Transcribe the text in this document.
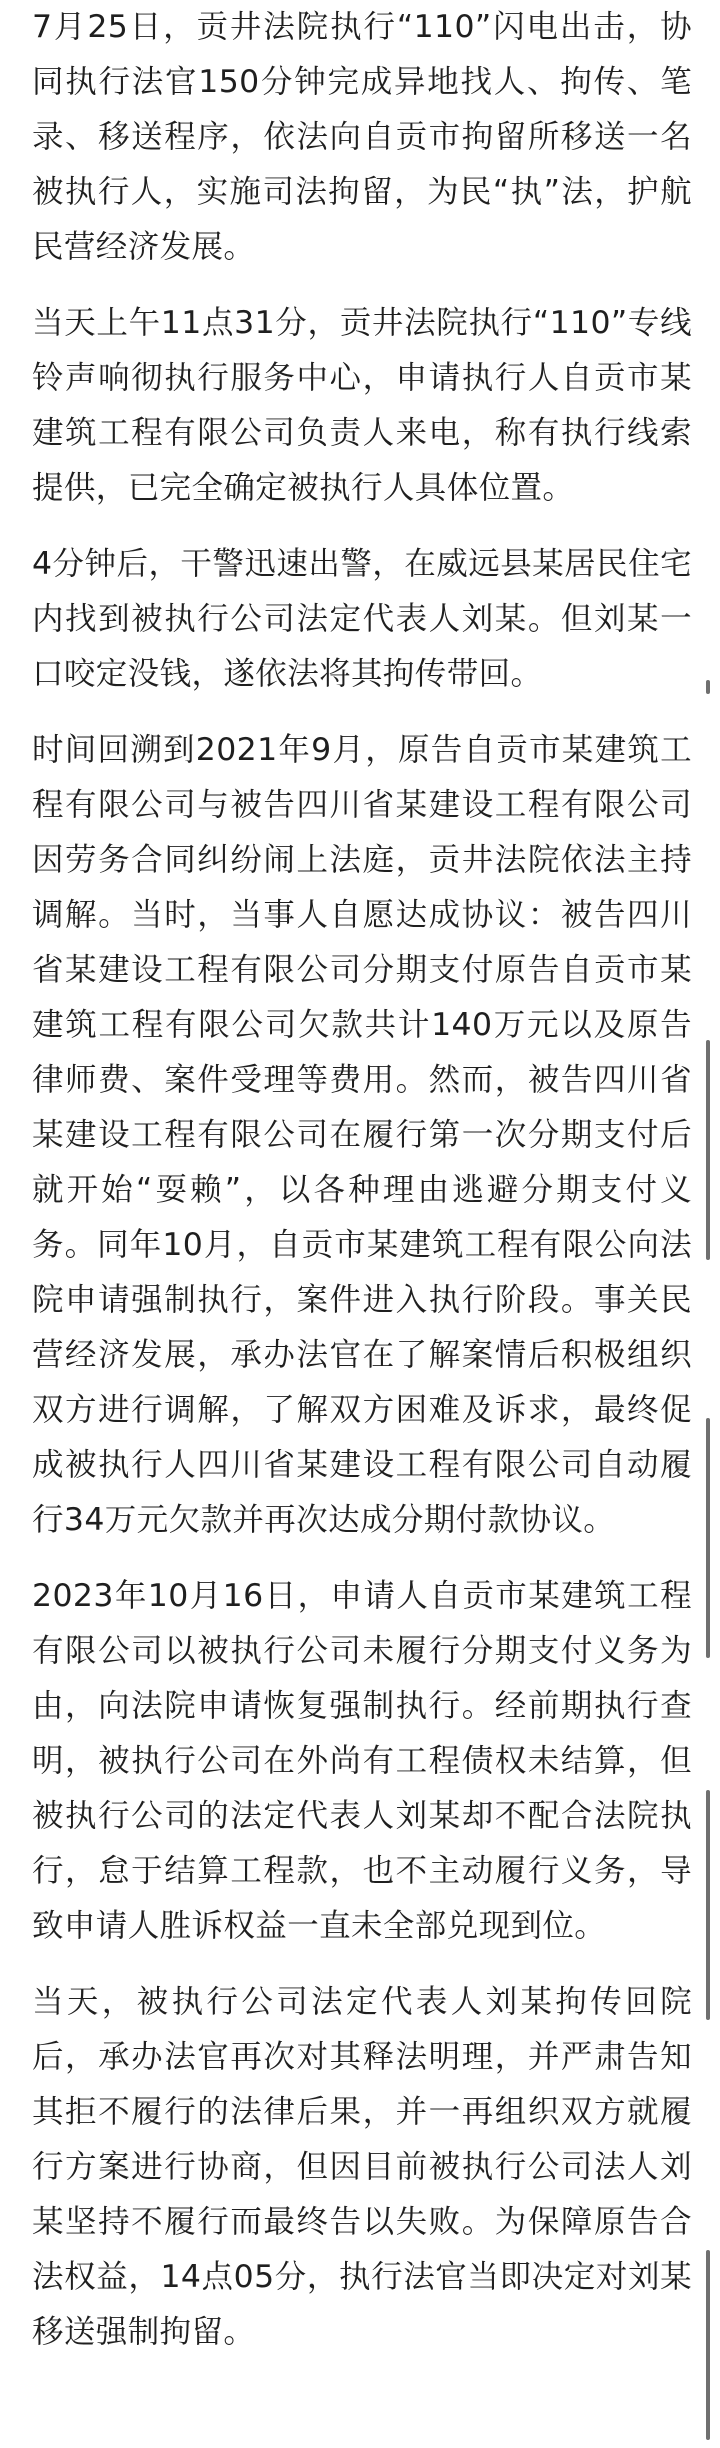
7月25日，贡井法院执行“110”闪电出击，协同执行法官150分钟完成异地找人、拘传、笔录、移送程序，依法向自贡市拘留所移送一名被执行人，实施司法拘留，为民“执”法，护航民营经济发展。

当天上午11点31分，贡井法院执行“110”专线铃声响彻执行服务中心，申请执行人自贡市某建筑工程有限公司负责人来电，称有执行线索提供，已完全确定被执行人具体位置。

4分钟后，干警迅速出警，在威远县某居民住宅内找到被执行公司法定代表人刘某。但刘某一口咬定没钱，遂依法将其拘传带回。

时间回溯到2021年9月，原告自贡市某建筑工程有限公司与被告四川省某建设工程有限公司因劳务合同纠纷闹上法庭，贡井法院依法主持调解。当时，当事人自愿达成协议：被告四川省某建设工程有限公司分期支付原告自贡市某建筑工程有限公司欠款共计140万元以及原告律师费、案件受理等费用。然而，被告四川省某建设工程有限公司在履行第一次分期支付后就开始“耍赖”，以各种理由逃避分期支付义务。同年10月，自贡市某建筑工程有限公向法院申请强制执行，案件进入执行阶段。事关民营经济发展，承办法官在了解案情后积极组织双方进行调解，了解双方困难及诉求，最终促成被执行人四川省某建设工程有限公司自动履行34万元欠款并再次达成分期付款协议。

2023年10月16日，申请人自贡市某建筑工程有限公司以被执行公司未履行分期支付义务为由，向法院申请恢复强制执行。经前期执行查明，被执行公司在外尚有工程债权未结算，但被执行公司的法定代表人刘某却不配合法院执行，怠于结算工程款，也不主动履行义务，导致申请人胜诉权益一直未全部兑现到位。

当天，被执行公司法定代表人刘某拘传回院后，承办法官再次对其释法明理，并严肃告知其拒不履行的法律后果，并一再组织双方就履行方案进行协商，但因目前被执行公司法人刘某坚持不履行而最终告以失败。为保障原告合法权益，14点05分，执行法官当即决定对刘某移送强制拘留。
